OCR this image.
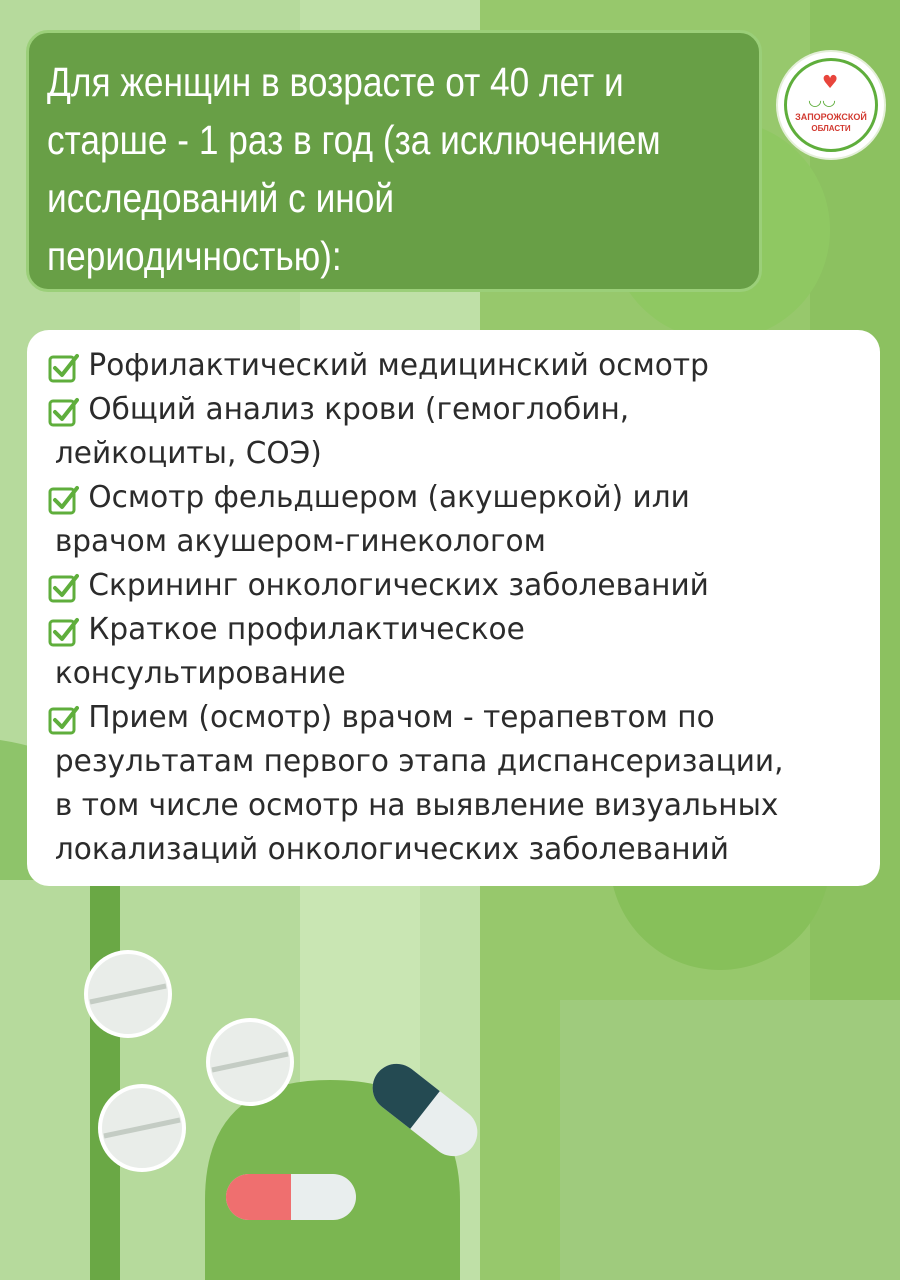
Для женщин в возрасте от 40 лет и
старше - 1 раз в год (за исключением
исследований с иной
периодичностью):
♥
◡◡
ЗАПОРОЖСКОЙ
ОБЛАСТИ
Рофилактический медицинский осмотр
Общий анализ крови (гемоглобин,
лейкоциты, СОЭ)
Осмотр фельдшером (акушеркой) или
врачом акушером-гинекологом
Скрининг онкологических заболеваний
Краткое профилактическое
консультирование
Прием (осмотр) врачом - терапевтом по
результатам первого этапа диспансеризации,
в том числе осмотр на выявление визуальных
локализаций онкологических заболеваний
